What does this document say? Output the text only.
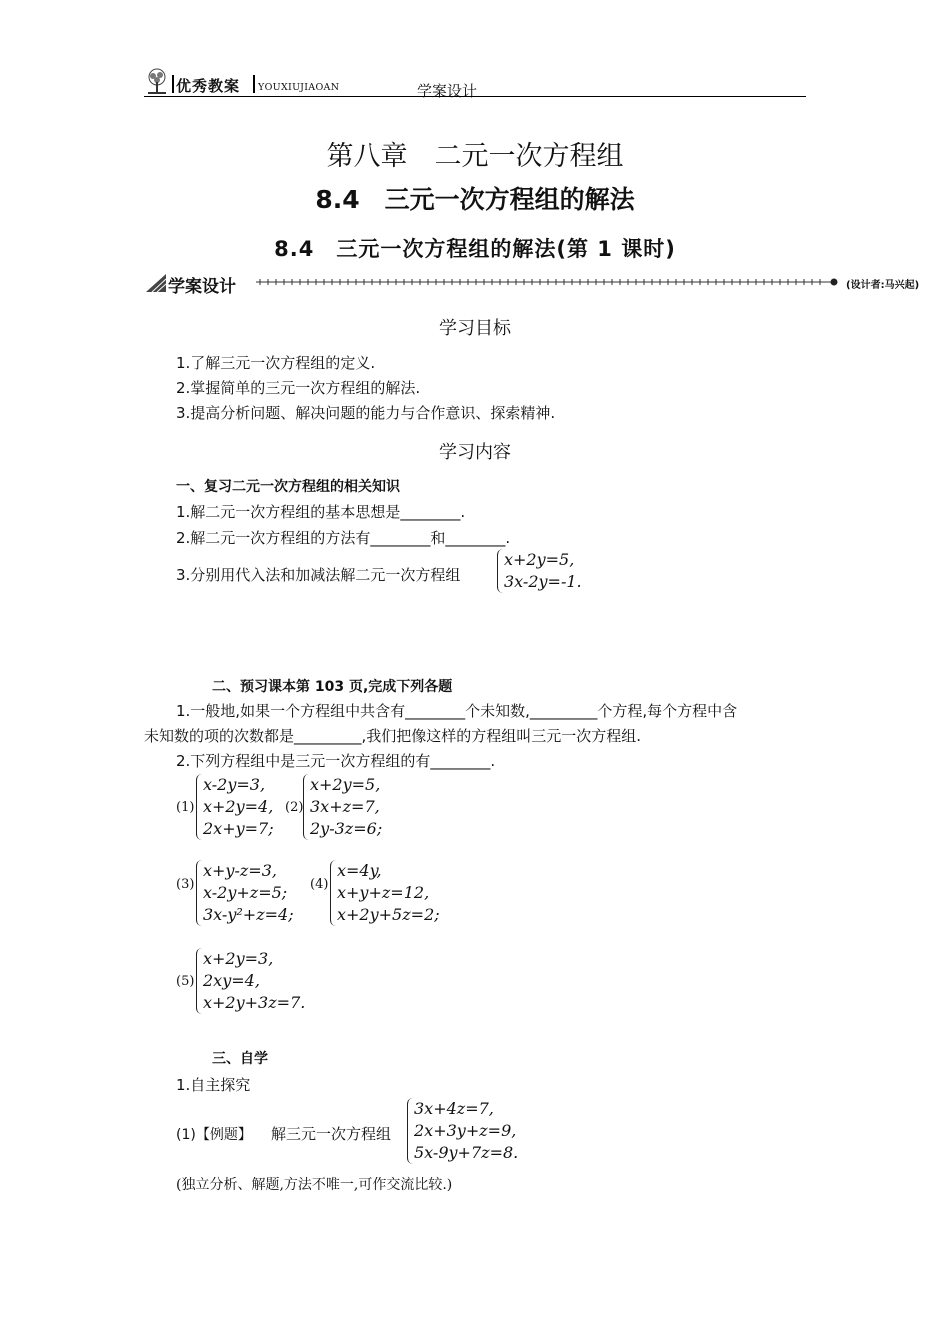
优秀教案 YOUXIUJIAOAN	学案设计
第八章　二元一次方程组
8.4　三元一次方程组的解法
8.4　三元一次方程组的解法(第 1 课时)
学案设计	(设计者:马兴起)
学习目标
1.了解三元一次方程组的定义.
2.掌握简单的三元一次方程组的解法.
3.提高分析问题、解决问题的能力与合作意识、探索精神.
学习内容
一、复习二元一次方程组的相关知识
1.解二元一次方程组的基本思想是________.
2.解二元一次方程组的方法有________和________.
3.分别用代入法和加减法解二元一次方程组
x+2y=5,
3x-2y=-1.
二、预习课本第 103 页,完成下列各题
1.一般地,如果一个方程组中共含有________个未知数,_________个方程,每个方程中含
未知数的项的次数都是_________,我们把像这样的方程组叫三元一次方程组.
2.下列方程组中是三元一次方程组的有________.
(1)
x-2y=3,
x+2y=4,
2x+y=7;
(2)
x+2y=5,
3x+z=7,
2y-3z=6;
(3)
x+y-z=3,
x-2y+z=5;
3x-y²+z=4;
(4)
x=4y,
x+y+z=12,
x+2y+5z=2;
(5)
x+2y=3,
2xy=4,
x+2y+3z=7.
三、自学
1.自主探究
(1)【例题】 解三元一次方程组
3x+4z=7,
2x+3y+z=9,
5x-9y+7z=8.
(独立分析、解题,方法不唯一,可作交流比较.)
